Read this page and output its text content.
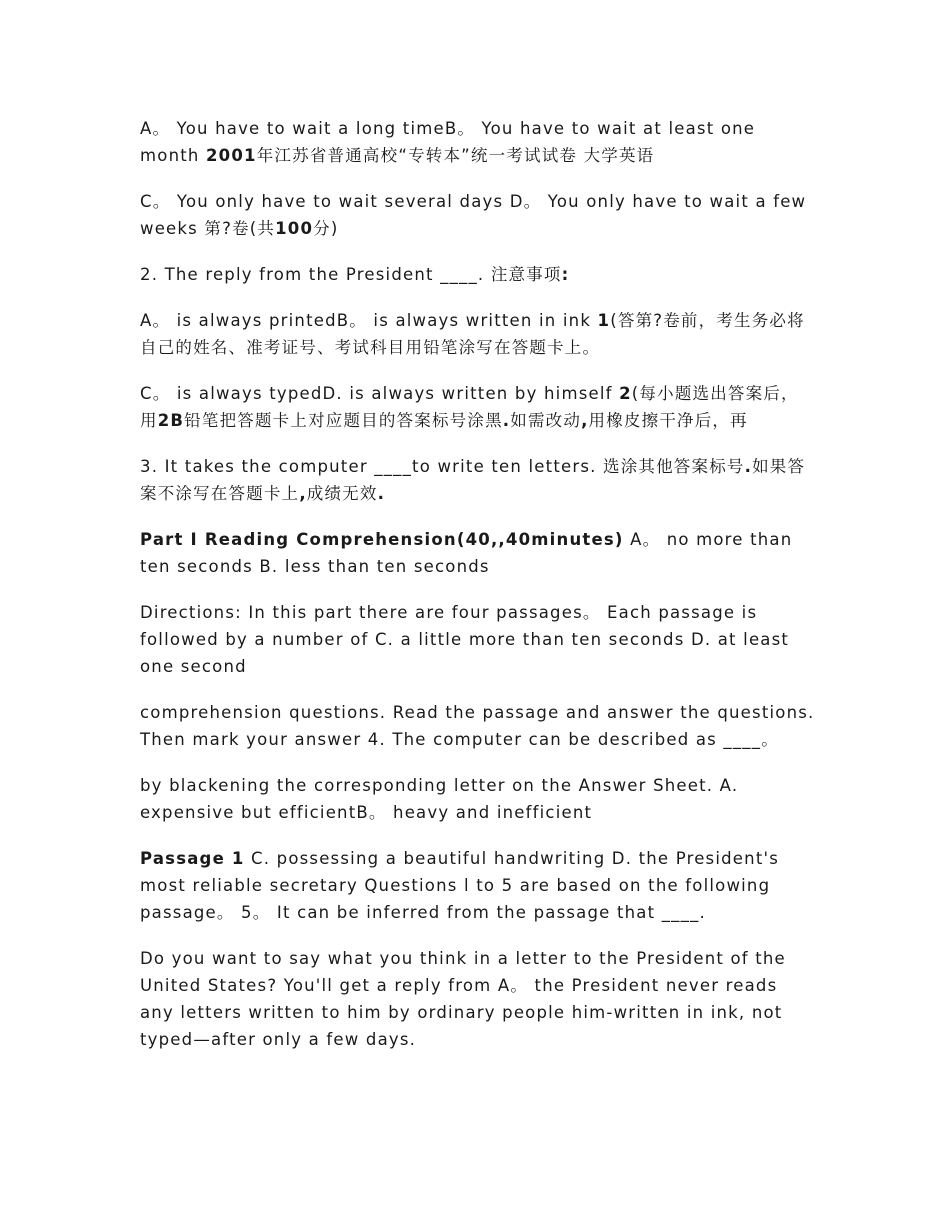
A。 You have to wait a long timeB。 You have to wait at least one month 2001年江苏省普通高校“专转本”统一考试试卷 大学英语

C。 You only have to wait several days D。 You only have to wait a few weeks 第?卷(共100分)

2. The reply from the President ____. 注意事项:

A。 is always printedB。 is always written in ink 1(答第?卷前，考生务必将自己的姓名、准考证号、考试科目用铅笔涂写在答题卡上。

C。 is always typedD. is always written by himself 2(每小题选出答案后，用2B铅笔把答题卡上对应题目的答案标号涂黑.如需改动,用橡皮擦干净后，再

3. It takes the computer ____to write ten letters. 选涂其他答案标号.如果答案不涂写在答题卡上,成绩无效.

Part I Reading Comprehension(40,,40minutes) A。 no more than ten seconds B. less than ten seconds

Directions: In this part there are four passages。 Each passage is followed by a number of C. a little more than ten seconds D. at least one second

comprehension questions. Read the passage and answer the questions. Then mark your answer 4. The computer can be described as ____。

by blackening the corresponding letter on the Answer Sheet. A. expensive but efficientB。 heavy and inefficient

Passage 1 C. possessing a beautiful handwriting D. the President's most reliable secretary Questions l to 5 are based on the following passage。 5。 It can be inferred from the passage that ____.

Do you want to say what you think in a letter to the President of the United States? You'll get a reply from A。 the President never reads any letters written to him by ordinary people him-written in ink, not typed—after only a few days.
